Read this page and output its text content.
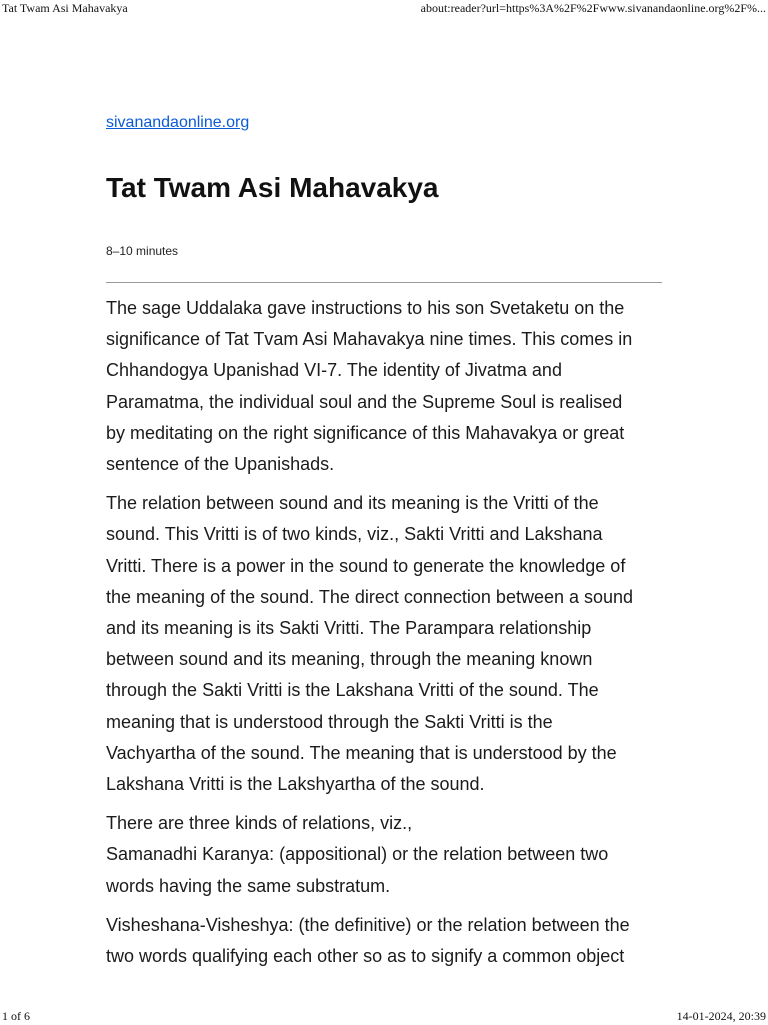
Tat Twam Asi Mahavakya	about:reader?url=https%3A%2F%2Fwww.sivanandaonline.org%2F%...
sivanandaonline.org
Tat Twam Asi Mahavakya
8–10 minutes

The sage Uddalaka gave instructions to his son Svetaketu on the
significance of Tat Tvam Asi Mahavakya nine times. This comes in
Chhandogya Upanishad VI-7. The identity of Jivatma and
Paramatma, the individual soul and the Supreme Soul is realised
by meditating on the right significance of this Mahavakya or great
sentence of the Upanishads.

The relation between sound and its meaning is the Vritti of the
sound. This Vritti is of two kinds, viz., Sakti Vritti and Lakshana
Vritti. There is a power in the sound to generate the knowledge of
the meaning of the sound. The direct connection between a sound
and its meaning is its Sakti Vritti. The Parampara relationship
between sound and its meaning, through the meaning known
through the Sakti Vritti is the Lakshana Vritti of the sound. The
meaning that is understood through the Sakti Vritti is the
Vachyartha of the sound. The meaning that is understood by the
Lakshana Vritti is the Lakshyartha of the sound.

There are three kinds of relations, viz.,
Samanadhi Karanya: (appositional) or the relation between two
words having the same substratum.

Visheshana-Visheshya: (the definitive) or the relation between the
two words qualifying each other so as to signify a common object

1 of 6	14-01-2024, 20:39
